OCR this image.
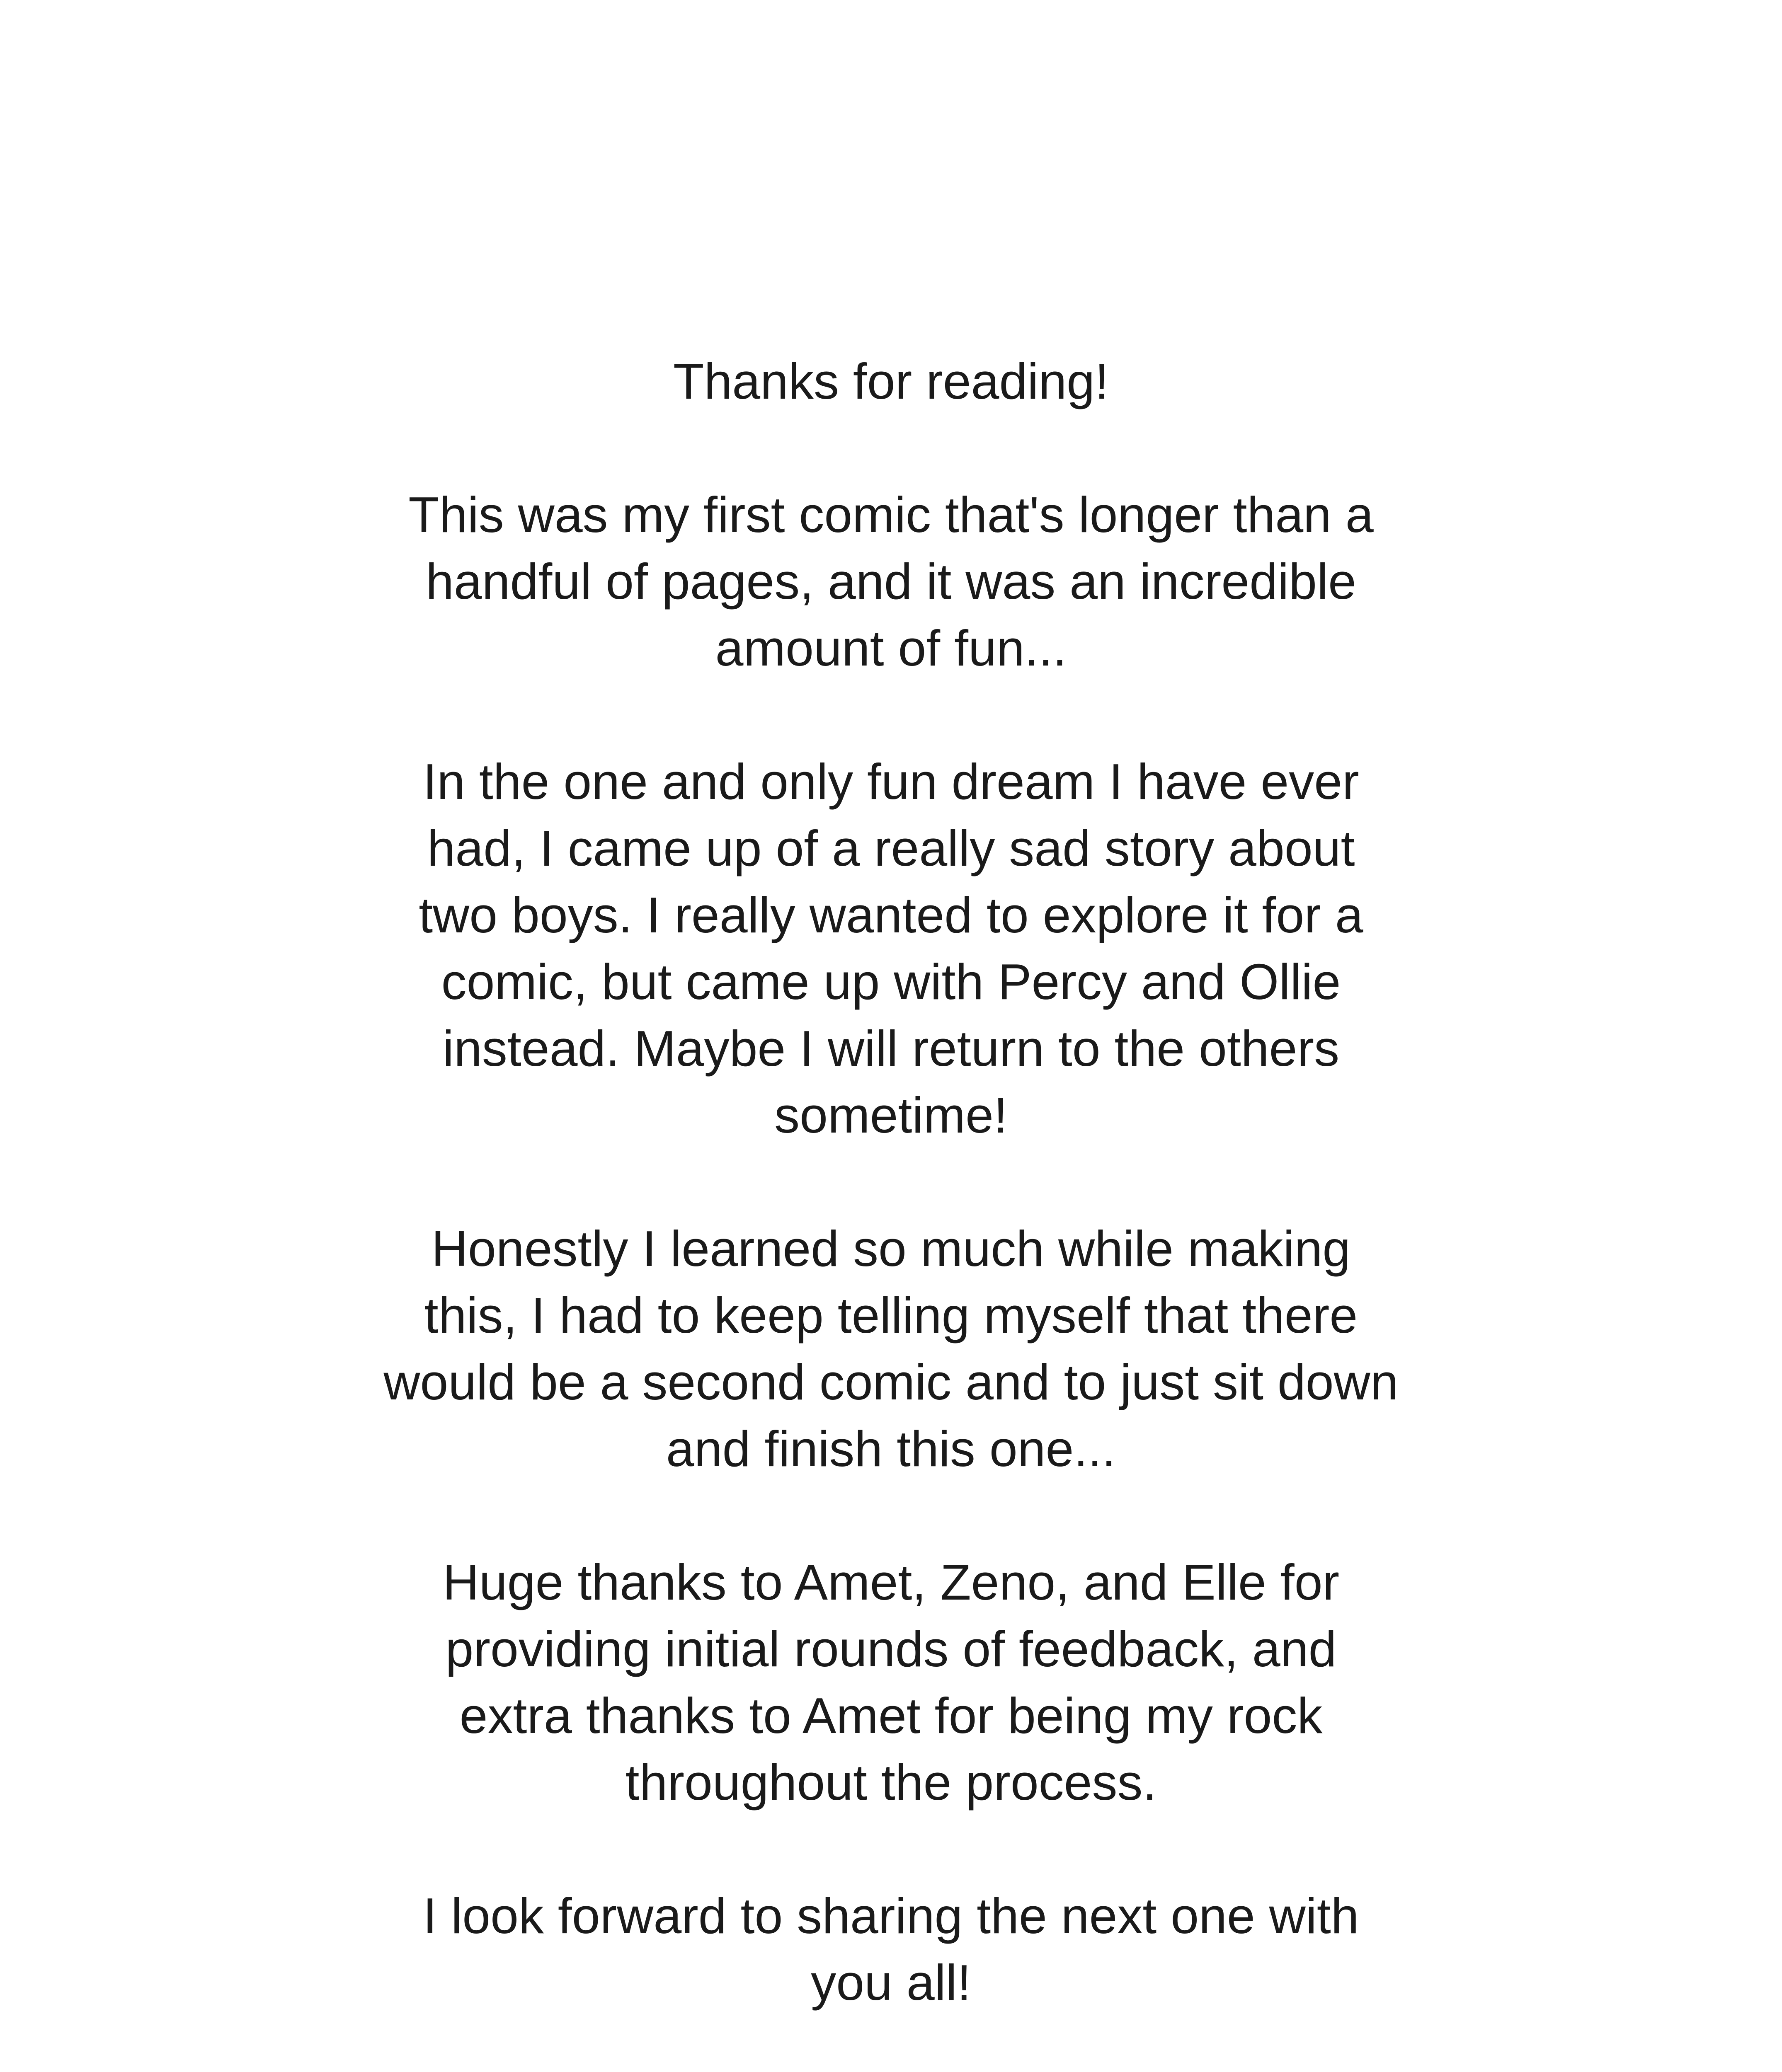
Thanks for reading!

This was my first comic that's longer than a
handful of pages, and it was an incredible
amount of fun...

In the one and only fun dream I have ever
had, I came up of a really sad story about
two boys. I really wanted to explore it for a
comic, but came up with Percy and Ollie
instead. Maybe I will return to the others
sometime!

Honestly I learned so much while making
this, I had to keep telling myself that there
would be a second comic and to just sit down
and finish this one...

Huge thanks to Amet, Zeno, and Elle for
providing initial rounds of feedback, and
extra thanks to Amet for being my rock
throughout the process.

I look forward to sharing the next one with
you all!
